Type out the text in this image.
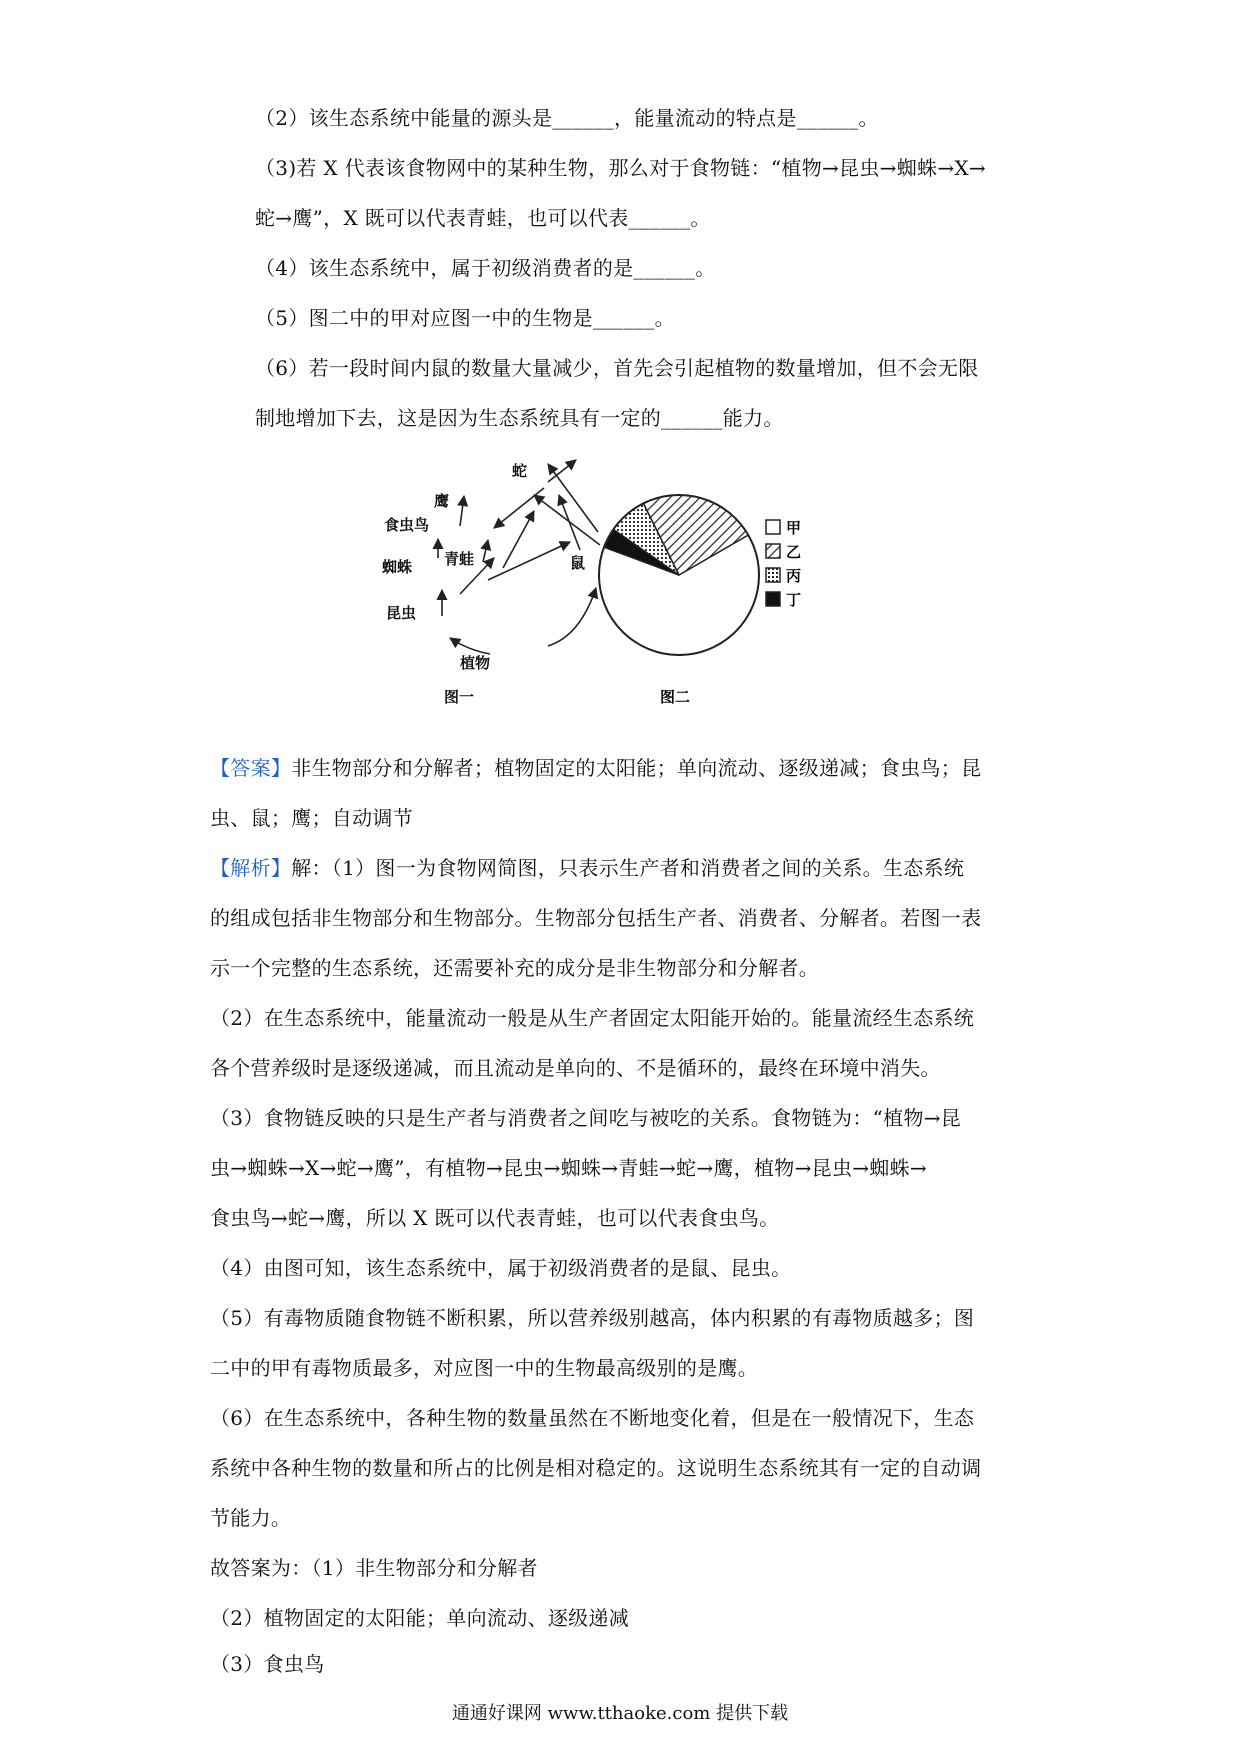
（2）该生态系统中能量的源头是______，能量流动的特点是______。
（3)若 X 代表该食物网中的某种生物，那么对于食物链：“植物→昆虫→蜘蛛→X→
蛇→鹰”，X 既可以代表青蛙，也可以代表______。
（4）该生态系统中，属于初级消费者的是______。
（5）图二中的甲对应图一中的生物是______。
（6）若一段时间内鼠的数量大量减少，首先会引起植物的数量增加，但不会无限
制地增加下去，这是因为生态系统具有一定的______能力。
鹰
蛇
食虫鸟
蜘蛛 青蛙	鼠
昆虫
植物
图一	图二
甲
乙
丙
丁
【答案】非生物部分和分解者；植物固定的太阳能；单向流动、逐级递减；食虫鸟；昆
虫、鼠；鹰；自动调节
【解析】解：（1）图一为食物网简图，只表示生产者和消费者之间的关系。生态系统
的组成包括非生物部分和生物部分。生物部分包括生产者、消费者、分解者。若图一表
示一个完整的生态系统，还需要补充的成分是非生物部分和分解者。
（2）在生态系统中，能量流动一般是从生产者固定太阳能开始的。能量流经生态系统
各个营养级时是逐级递减，而且流动是单向的、不是循环的，最终在环境中消失。
（3）食物链反映的只是生产者与消费者之间吃与被吃的关系。食物链为：“植物→昆
虫→蜘蛛→X→蛇→鹰”，有植物→昆虫→蜘蛛→青蛙→蛇→鹰，植物→昆虫→蜘蛛→
食虫鸟→蛇→鹰，所以 X 既可以代表青蛙，也可以代表食虫鸟。
（4）由图可知，该生态系统中，属于初级消费者的是鼠、昆虫。
（5）有毒物质随食物链不断积累，所以营养级别越高，体内积累的有毒物质越多；图
二中的甲有毒物质最多，对应图一中的生物最高级别的是鹰。
（6）在生态系统中，各种生物的数量虽然在不断地变化着，但是在一般情况下，生态
系统中各种生物的数量和所占的比例是相对稳定的。这说明生态系统其有一定的自动调
节能力。
故答案为：（1）非生物部分和分解者
（2）植物固定的太阳能；单向流动、逐级递减
（3）食虫鸟
通通好课网 www.tthaoke.com 提供下载
